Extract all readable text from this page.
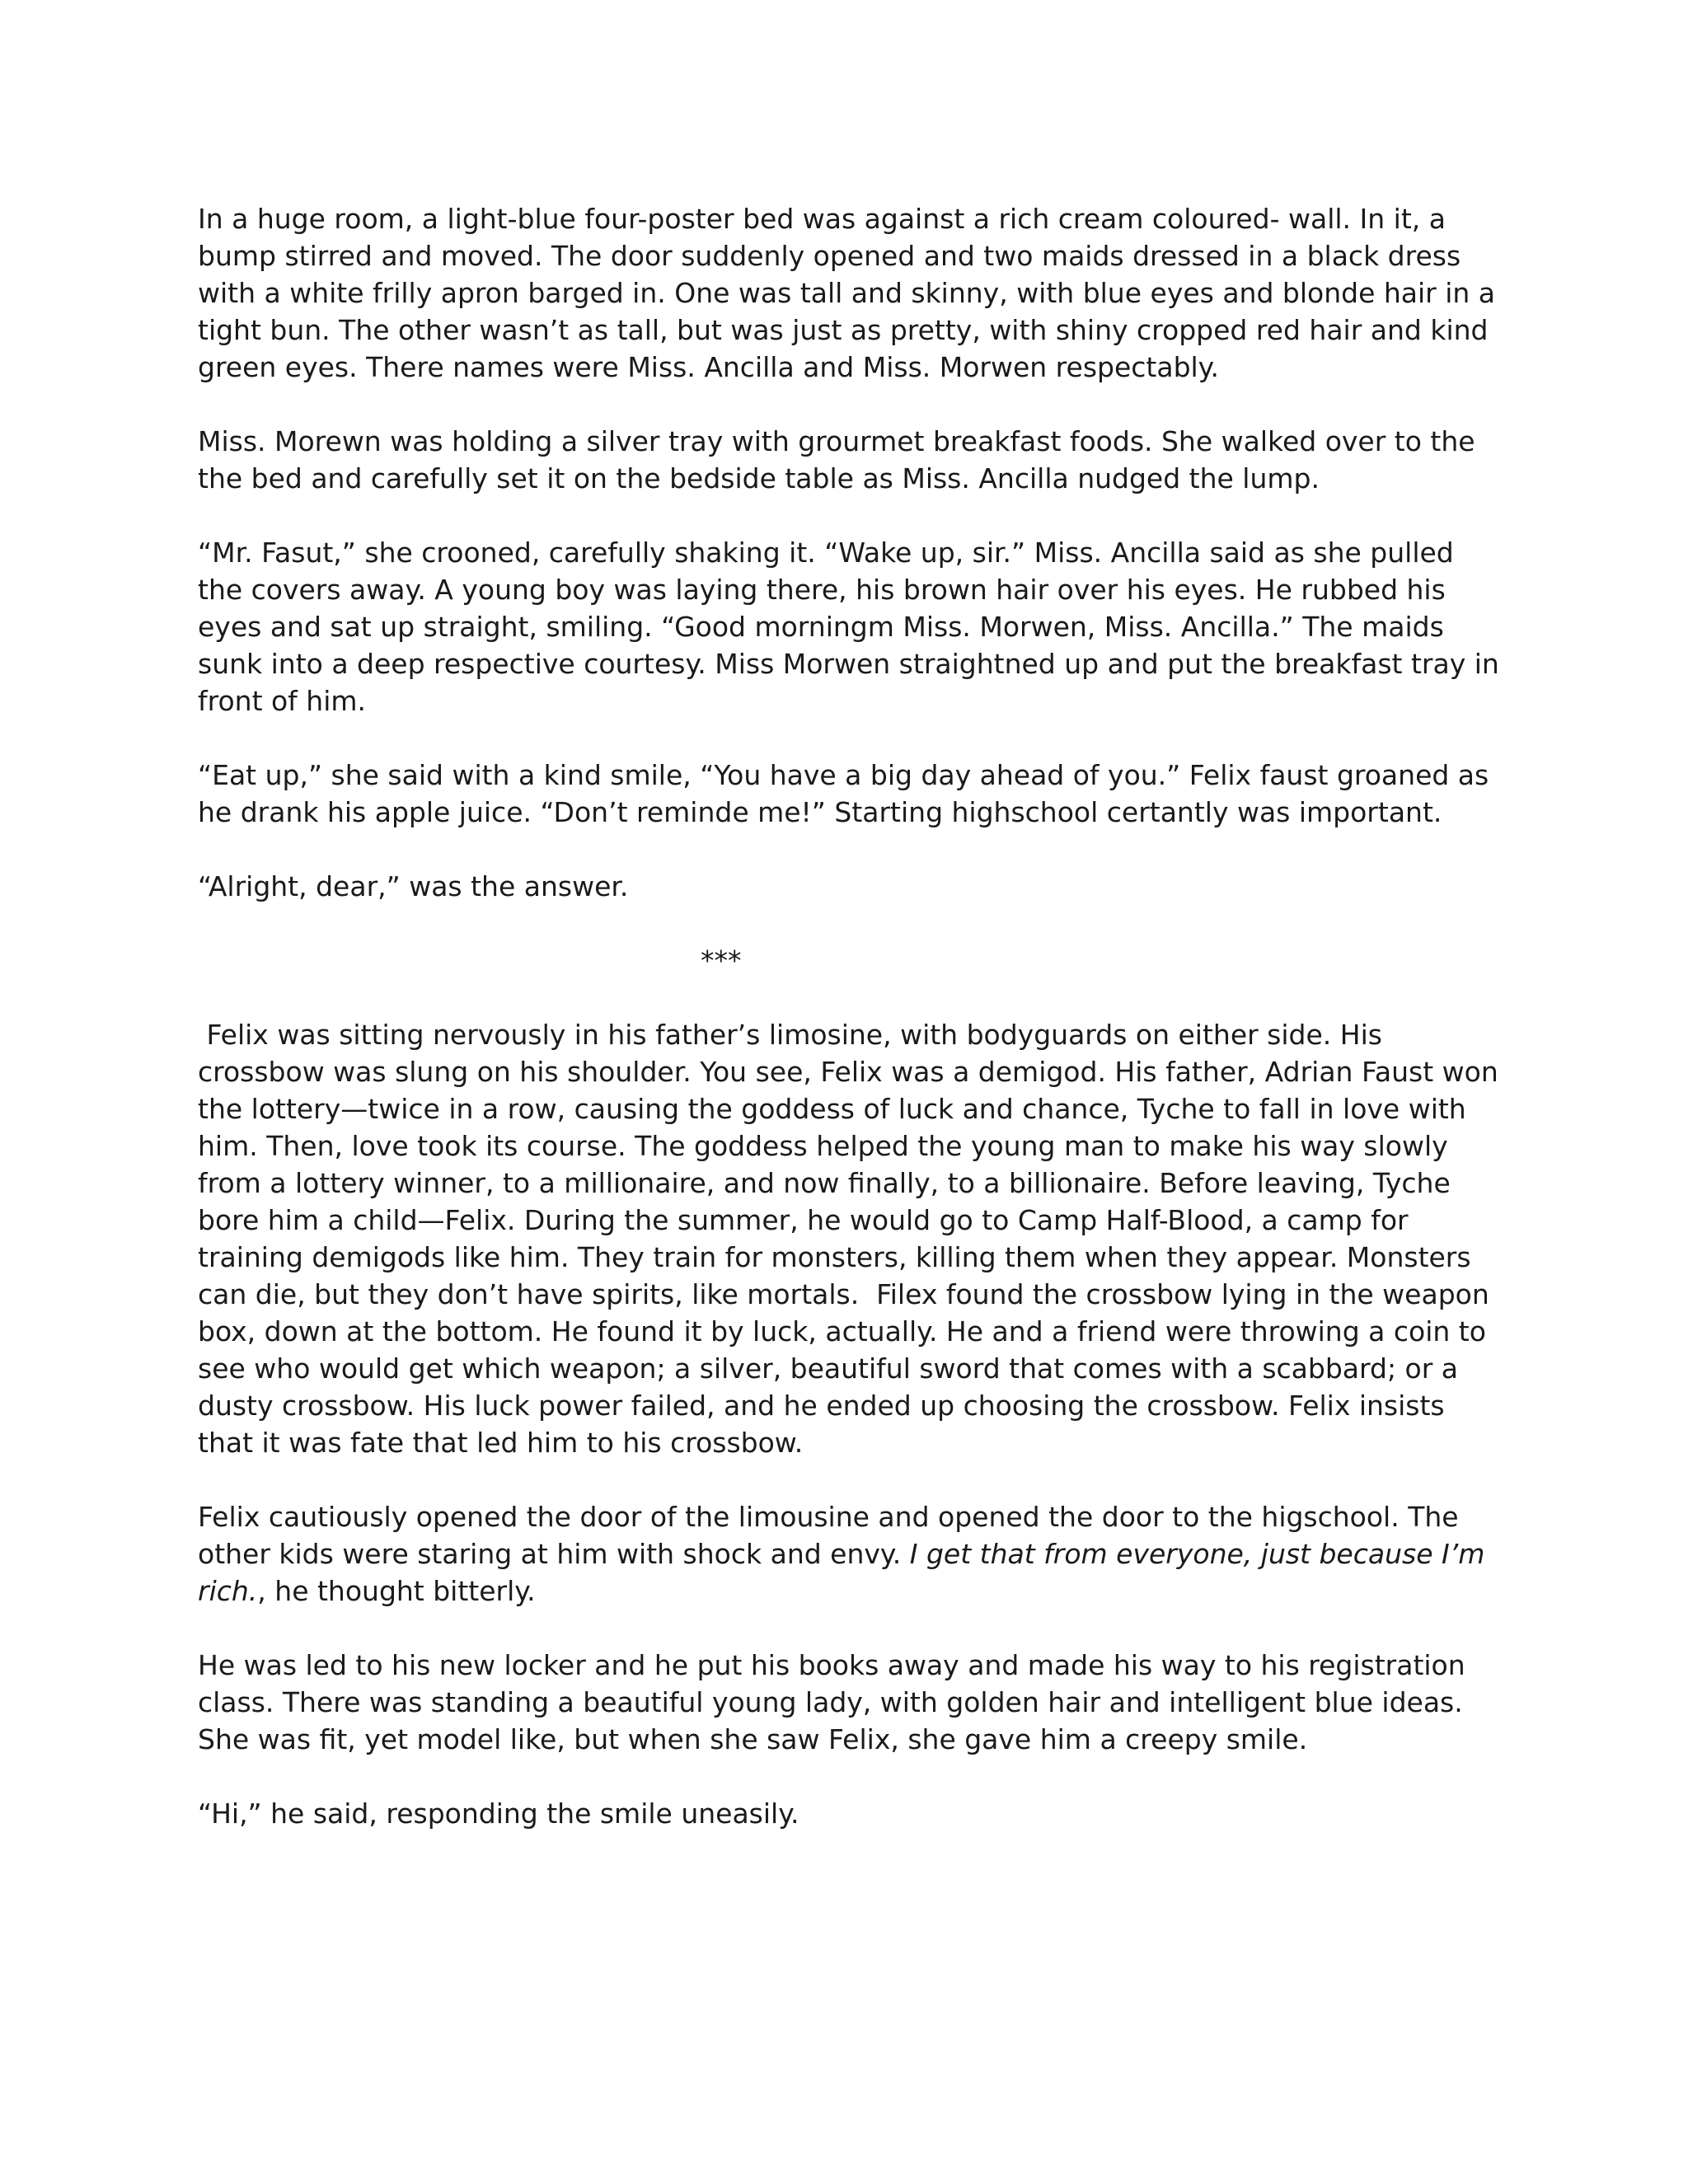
In a huge room, a light-blue four-poster bed was against a rich cream coloured- wall. In it, a bump stirred and moved. The door suddenly opened and two maids dressed in a black dress with a white frilly apron barged in. One was tall and skinny, with blue eyes and blonde hair in a tight bun. The other wasn’t as tall, but was just as pretty, with shiny cropped red hair and kind green eyes. There names were Miss. Ancilla and Miss. Morwen respectably.

Miss. Morewn was holding a silver tray with grourmet breakfast foods. She walked over to the the bed and carefully set it on the bedside table as Miss. Ancilla nudged the lump.

“Mr. Fasut,” she crooned, carefully shaking it. “Wake up, sir.” Miss. Ancilla said as she pulled the covers away. A young boy was laying there, his brown hair over his eyes. He rubbed his eyes and sat up straight, smiling. “Good morningm Miss. Morwen, Miss. Ancilla.” The maids sunk into a deep respective courtesy. Miss Morwen straightned up and put the breakfast tray in front of him.

“Eat up,” she said with a kind smile, “You have a big day ahead of you.” Felix faust groaned as he drank his apple juice. “Don’t reminde me!” Starting highschool certantly was important.

“Alright, dear,” was the answer.

***

Felix was sitting nervously in his father’s limosine, with bodyguards on either side. His crossbow was slung on his shoulder. You see, Felix was a demigod. His father, Adrian Faust won the lottery—twice in a row, causing the goddess of luck and chance, Tyche to fall in love with him. Then, love took its course. The goddess helped the young man to make his way slowly from a lottery winner, to a millionaire, and now finally, to a billionaire. Before leaving, Tyche bore him a child—Felix. During the summer, he would go to Camp Half-Blood, a camp for training demigods like him. They train for monsters, killing them when they appear. Monsters can die, but they don’t have spirits, like mortals.  Filex found the crossbow lying in the weapon box, down at the bottom. He found it by luck, actually. He and a friend were throwing a coin to see who would get which weapon; a silver, beautiful sword that comes with a scabbard; or a dusty crossbow. His luck power failed, and he ended up choosing the crossbow. Felix insists that it was fate that led him to his crossbow.

Felix cautiously opened the door of the limousine and opened the door to the higschool. The other kids were staring at him with shock and envy. I get that from everyone, just because I’m rich., he thought bitterly.

He was led to his new locker and he put his books away and made his way to his registration class. There was standing a beautiful young lady, with golden hair and intelligent blue ideas. She was fit, yet model like, but when she saw Felix, she gave him a creepy smile.

“Hi,” he said, responding the smile uneasily.
